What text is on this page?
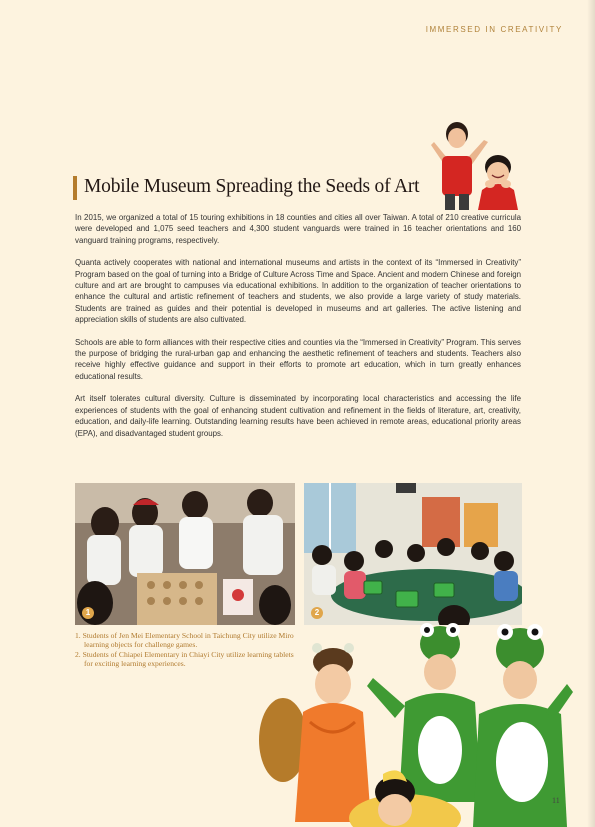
IMMERSED IN CREATIVITY
Mobile Museum Spreading the Seeds of Art

In 2015, we organized a total of 15 touring exhibitions in 18 counties and cities all over Taiwan. A total of 210 creative curricula were developed and 1,075 seed teachers and 4,300 student vanguards were trained in 16 teacher orientations and 160 vanguard training programs, respectively.

Quanta actively cooperates with national and international museums and artists in the context of its “Immersed in Creativity” Program based on the goal of turning into a Bridge of Culture Across Time and Space. Ancient and modern Chinese and foreign culture and art are brought to campuses via educational exhibitions. In addition to the organization of teacher orientations to enhance the cultural and artistic refinement of teachers and students, we also provide a large variety of study materials. Students are trained as guides and their potential is developed in museums and art galleries. The active listening and appreciation skills of students are also cultivated.

Schools are able to form alliances with their respective cities and counties via the “Immersed in Creativity” Program. This serves the purpose of bridging the rural-urban gap and enhancing the aesthetic refinement of teachers and students. Teachers also receive highly effective guidance and support in their efforts to promote art education, which in turn greatly enhances educational results.

Art itself tolerates cultural diversity. Culture is disseminated by incorporating local characteristics and accessing the life experiences of students with the goal of enhancing student cultivation and refinement in the fields of literature, art, creativity, education, and daily-life learning. Outstanding learning results have been achieved in remote areas, educational priority areas (EPA), and disadvantaged student groups.

1	2
1. Students of Jen Mei Elementary School in Taichung City utilize Miro learning objects for challenge games.
2. Students of Chiapei Elementary in Chiayi City utilize learning tablets for exciting learning experiences.
11
